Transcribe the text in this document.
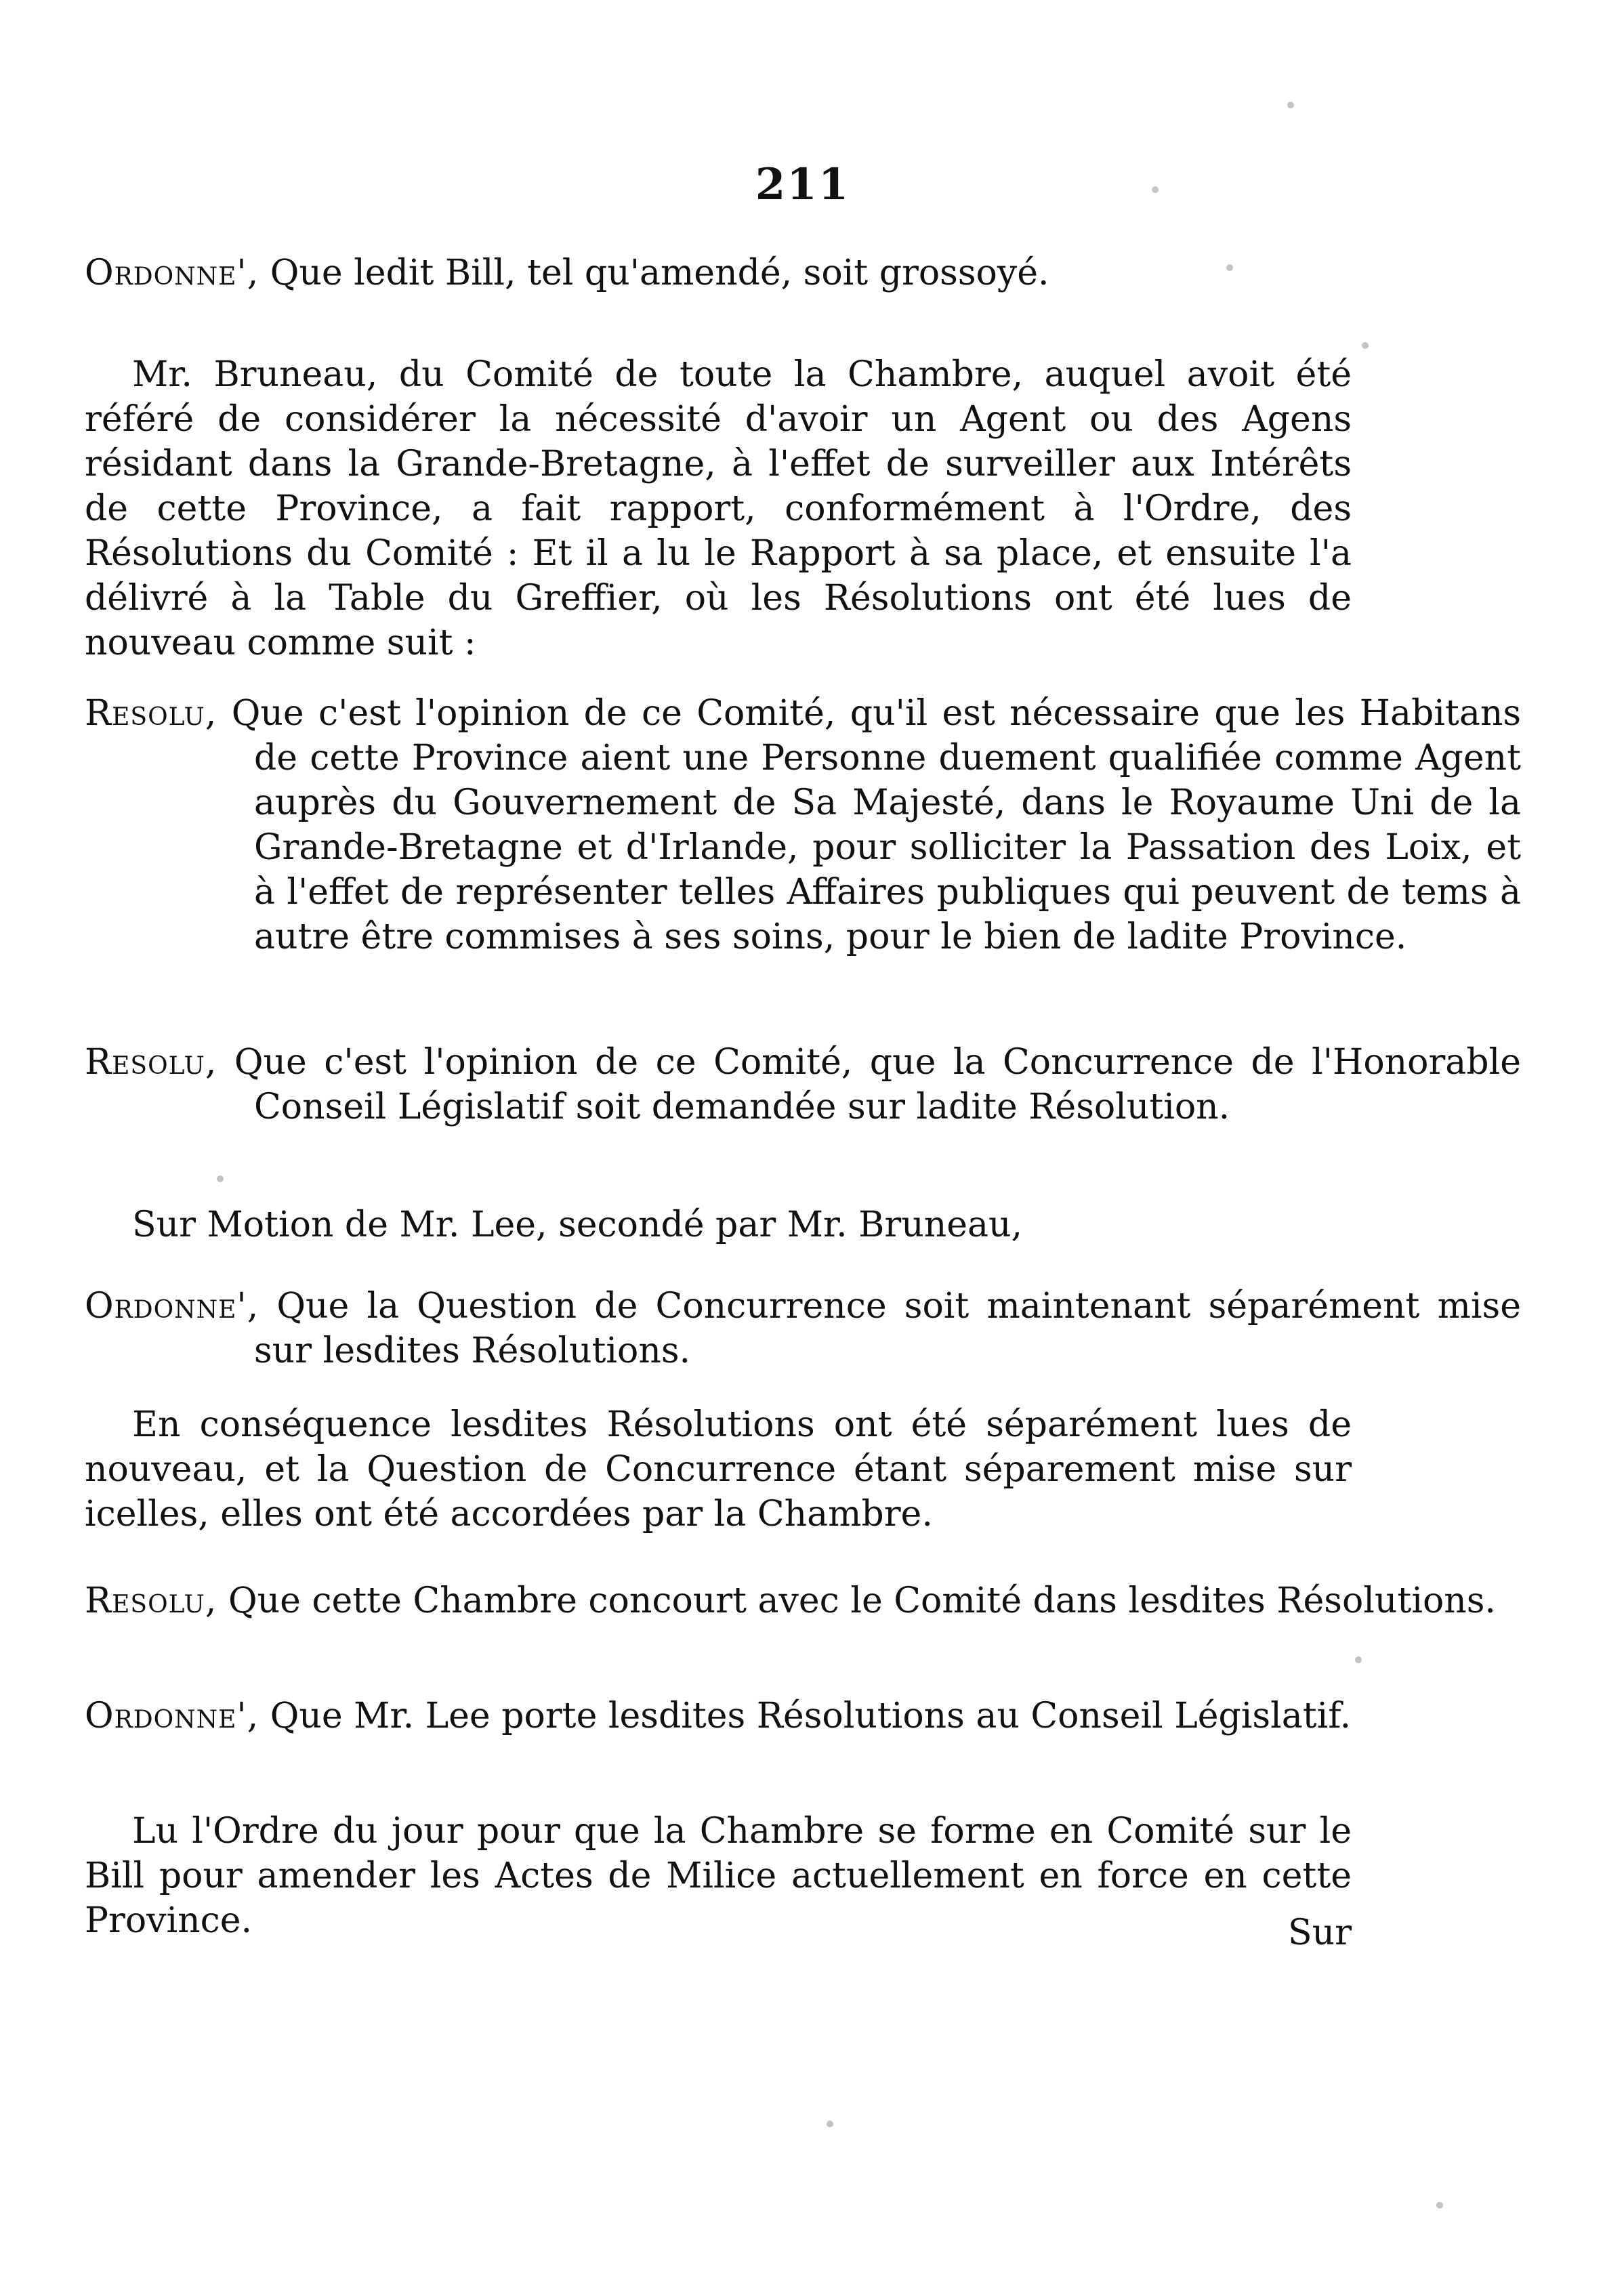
211

Ordonne', Que ledit Bill, tel qu'amendé, soit grossoyé.

Mr. Bruneau, du Comité de toute la Chambre, auquel avoit été référé de considérer la nécessité d'avoir un Agent ou des Agens résidant dans la Grande-Bretagne, à l'effet de surveiller aux Intérêts de cette Province, a fait rapport, conformément à l'Ordre, des Résolutions du Comité : Et il a lu le Rapport à sa place, et ensuite l'a délivré à la Table du Greffier, où les Résolutions ont été lues de nouveau comme suit :

Resolu, Que c'est l'opinion de ce Comité, qu'il est nécessaire que les Habitans de cette Province aient une Personne duement qualifiée comme Agent auprès du Gouvernement de Sa Majesté, dans le Royaume Uni de la Grande-Bretagne et d'Irlande, pour solliciter la Passation des Loix, et à l'effet de représenter telles Affaires publiques qui peuvent de tems à autre être commises à ses soins, pour le bien de ladite Province.

Resolu, Que c'est l'opinion de ce Comité, que la Concurrence de l'Honorable Conseil Législatif soit demandée sur ladite Résolution.

Sur Motion de Mr. Lee, secondé par Mr. Bruneau,

Ordonne', Que la Question de Concurrence soit maintenant séparément mise sur lesdites Résolutions.

En conséquence lesdites Résolutions ont été séparément lues de nouveau, et la Question de Concurrence étant séparement mise sur icelles, elles ont été accordées par la Chambre.

Resolu, Que cette Chambre concourt avec le Comité dans lesdites Résolutions.

Ordonne', Que Mr. Lee porte lesdites Résolutions au Conseil Législatif.

Lu l'Ordre du jour pour que la Chambre se forme en Comité sur le Bill pour amender les Actes de Milice actuellement en force en cette Province.	Sur
